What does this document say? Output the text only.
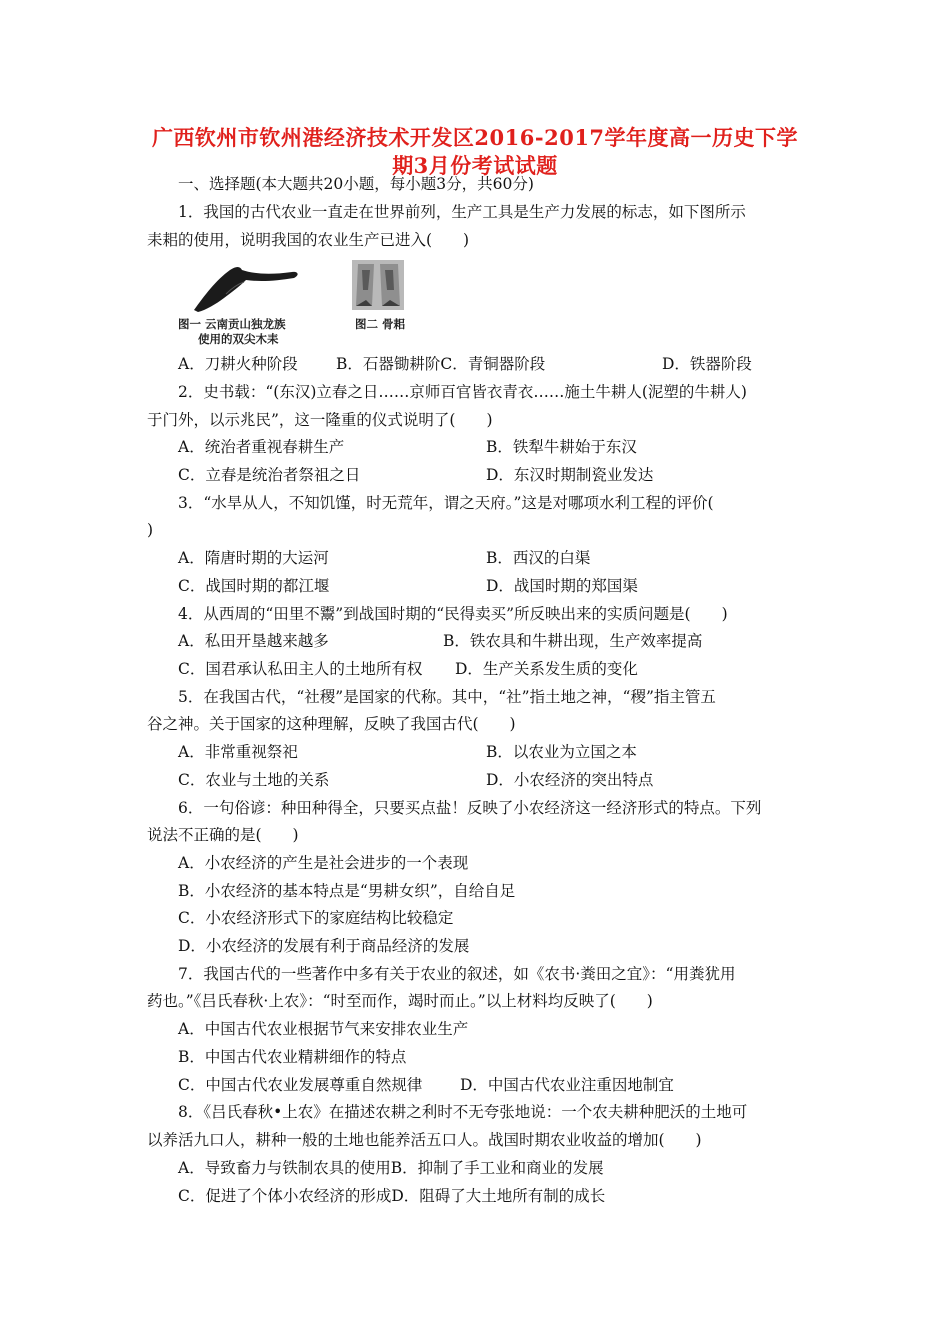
广西钦州市钦州港经济技术开发区2016-2017学年度高一历史下学
期3月份考试试题
一、选择题(本大题共20小题，每小题3分，共60分)
1．我国的古代农业一直走在世界前列，生产工具是生产力发展的标志，如下图所示
耒耜的使用，说明我国的农业生产已进入(　　)
图一 云南贡山独龙族
使用的双尖木耒
图二 骨耜
A．刀耕火种阶段 B．石器锄耕阶C．青铜器阶段	D．铁器阶段
2．史书载：“(东汉)立春之日……京师百官皆衣青衣……施土牛耕人(泥塑的牛耕人)
于门外，以示兆民”，这一隆重的仪式说明了(　　)
A．统治者重视春耕生产	B．铁犁牛耕始于东汉
C．立春是统治者祭祖之日	D．东汉时期制瓷业发达
3．“水旱从人，不知饥馑，时无荒年，谓之天府。”这是对哪项水利工程的评价(
)
A．隋唐时期的大运河	B．西汉的白渠
C．战国时期的都江堰	D．战国时期的郑国渠
4．从西周的“田里不鬻”到战国时期的“民得卖买”所反映出来的实质问题是(　　)
A．私田开垦越来越多	B．铁农具和牛耕出现，生产效率提高
C．国君承认私田主人的土地所有权 D．生产关系发生质的变化
5．在我国古代，“社稷”是国家的代称。其中，“社”指土地之神，“稷”指主管五
谷之神。关于国家的这种理解，反映了我国古代(　　)
A．非常重视祭祀	B．以农业为立国之本
C．农业与土地的关系	D．小农经济的突出特点
6．一句俗谚：种田种得全，只要买点盐！反映了小农经济这一经济形式的特点。下列
说法不正确的是(　　)
A．小农经济的产生是社会进步的一个表现
B．小农经济的基本特点是“男耕女织”，自给自足
C．小农经济形式下的家庭结构比较稳定
D．小农经济的发展有利于商品经济的发展
7．我国古代的一些著作中多有关于农业的叙述，如《农书·粪田之宜》：“用粪犹用
药也。”《吕氏春秋·上农》：“时至而作，竭时而止。”以上材料均反映了(　　)
A．中国古代农业根据节气来安排农业生产
B．中国古代农业精耕细作的特点
C．中国古代农业发展尊重自然规律 D．中国古代农业注重因地制宜
8．《吕氏春秋•上农》在描述农耕之利时不无夸张地说：一个农夫耕种肥沃的土地可
以养活九口人，耕种一般的土地也能养活五口人。战国时期农业收益的增加(　　)
A．导致畜力与铁制农具的使用B．抑制了手工业和商业的发展
C．促进了个体小农经济的形成D．阻碍了大土地所有制的成长
